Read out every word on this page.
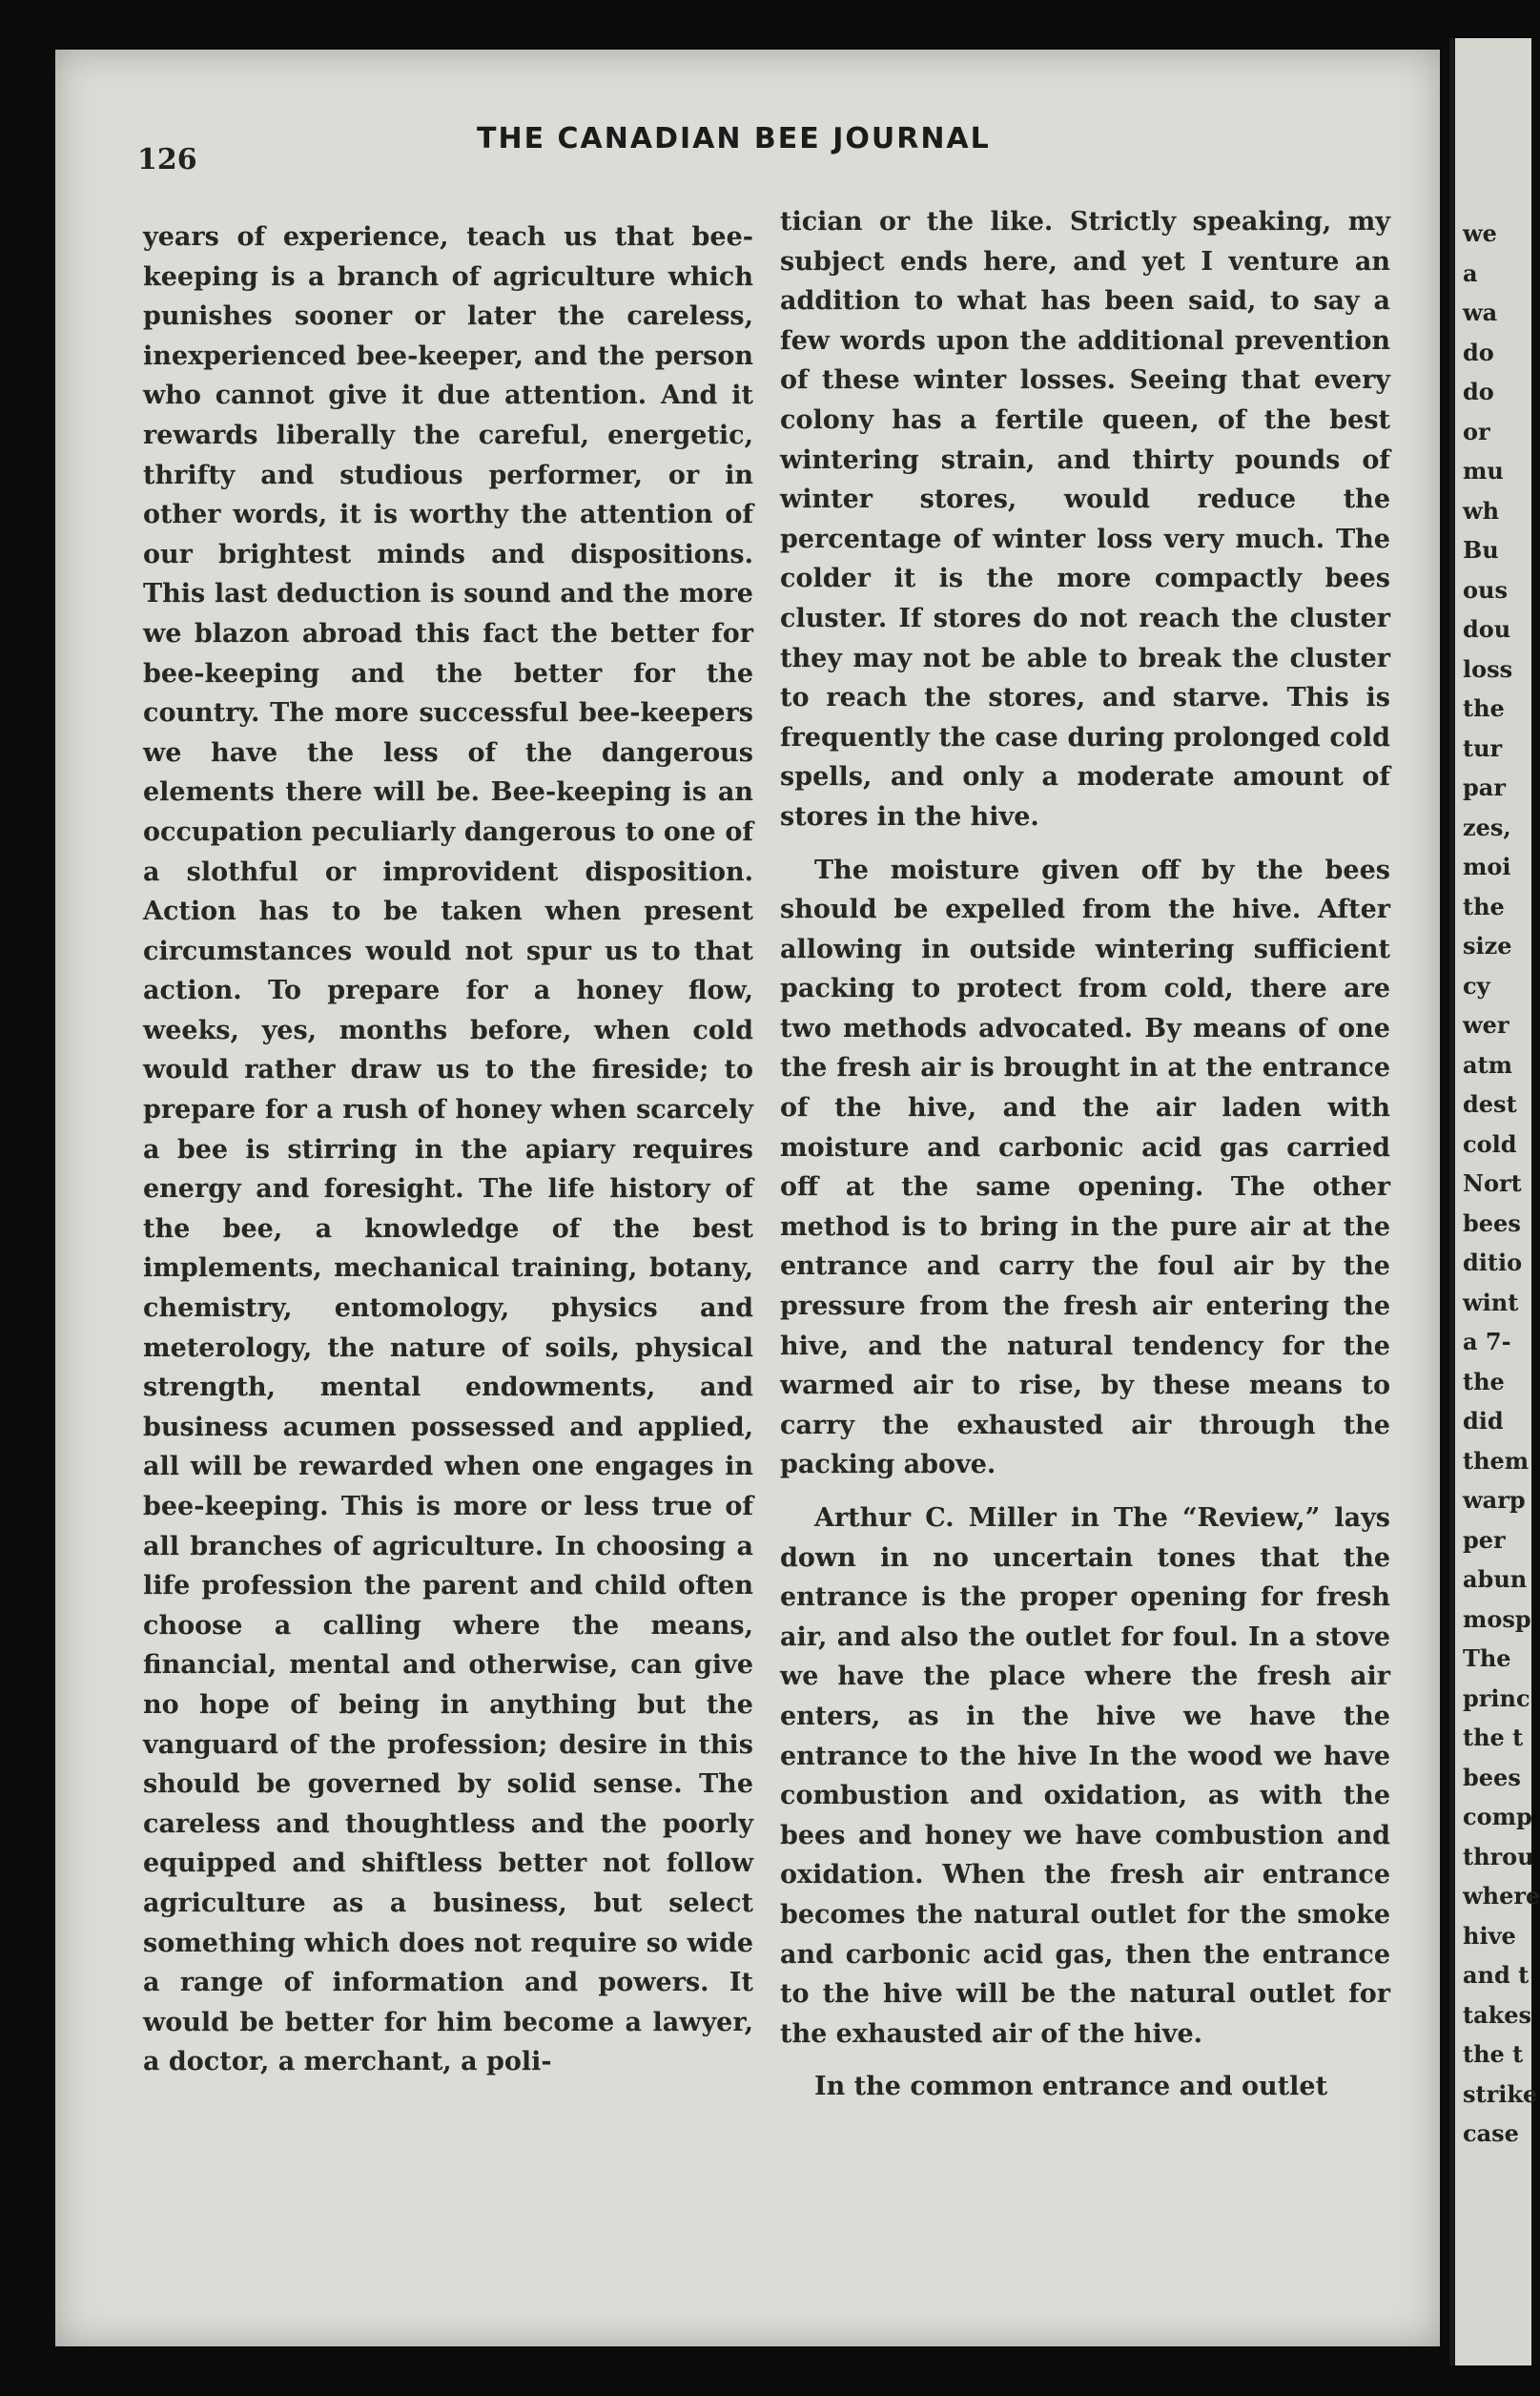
we
a
wa
do
do
or
mu
wh
Bu
ous
dou
loss
the
tur
par
zes,
moi
the
size
cy
wer
atm
dest
cold
Nort
bees
ditio
wint
a 7-
the
did
them
warp
per
abun
mosp
The
princ
the t
bees
comp
throu
where
hive
and t
takes
the t
strike
case
126
THE CANADIAN BEE JOURNAL

years of experience, teach us that bee-keeping is a branch of agriculture which punishes sooner or later the careless, inexperienced bee-keeper, and the person who cannot give it due attention. And it rewards liberally the careful, energetic, thrifty and studious performer, or in other words, it is worthy the attention of our brightest minds and dispositions. This last deduction is sound and the more we blazon abroad this fact the better for bee-keeping and the better for the country. The more successful bee-keepers we have the less of the dangerous elements there will be. Bee-keeping is an occupation peculiarly dangerous to one of a slothful or improvident disposition. Action has to be taken when present circumstances would not spur us to that action. To prepare for a honey flow, weeks, yes, months before, when cold would rather draw us to the fireside; to prepare for a rush of honey when scarcely a bee is stirring in the apiary requires energy and foresight. The life history of the bee, a knowledge of the best implements, mechanical training, botany, chemistry, entomology, physics and meterology, the nature of soils, physical strength, mental endowments, and business acumen possessed and applied, all will be rewarded when one engages in bee-keeping. This is more or less true of all branches of agriculture. In choosing a life profession the parent and child often choose a calling where the means, financial, mental and otherwise, can give no hope of being in anything but the vanguard of the profession; desire in this should be governed by solid sense. The careless and thoughtless and the poorly equipped and shiftless better not follow agriculture as a business, but select something which does not require so wide a range of information and powers. It would be better for him become a lawyer, a doctor, a merchant, a poli-

tician or the like. Strictly speaking, my subject ends here, and yet I venture an addition to what has been said, to say a few words upon the additional prevention of these winter losses. Seeing that every colony has a fertile queen, of the best wintering strain, and thirty pounds of winter stores, would reduce the percentage of winter loss very much. The colder it is the more compactly bees cluster. If stores do not reach the cluster they may not be able to break the cluster to reach the stores, and starve. This is frequently the case during prolonged cold spells, and only a moderate amount of stores in the hive.

The moisture given off by the bees should be expelled from the hive. After allowing in outside wintering sufficient packing to protect from cold, there are two methods advocated. By means of one the fresh air is brought in at the entrance of the hive, and the air laden with moisture and carbonic acid gas carried off at the same opening. The other method is to bring in the pure air at the entrance and carry the foul air by the pressure from the fresh air entering the hive, and the natural tendency for the warmed air to rise, by these means to carry the exhausted air through the packing above.

Arthur C. Miller in The “Review,” lays down in no uncertain tones that the entrance is the proper opening for fresh air, and also the outlet for foul. In a stove we have the place where the fresh air enters, as in the hive we have the entrance to the hive In the wood we have combustion and oxidation, as with the bees and honey we have combustion and oxidation. When the fresh air entrance becomes the natural outlet for the smoke and carbonic acid gas, then the entrance to the hive will be the natural outlet for the exhausted air of the hive.

In the common entrance and outlet
